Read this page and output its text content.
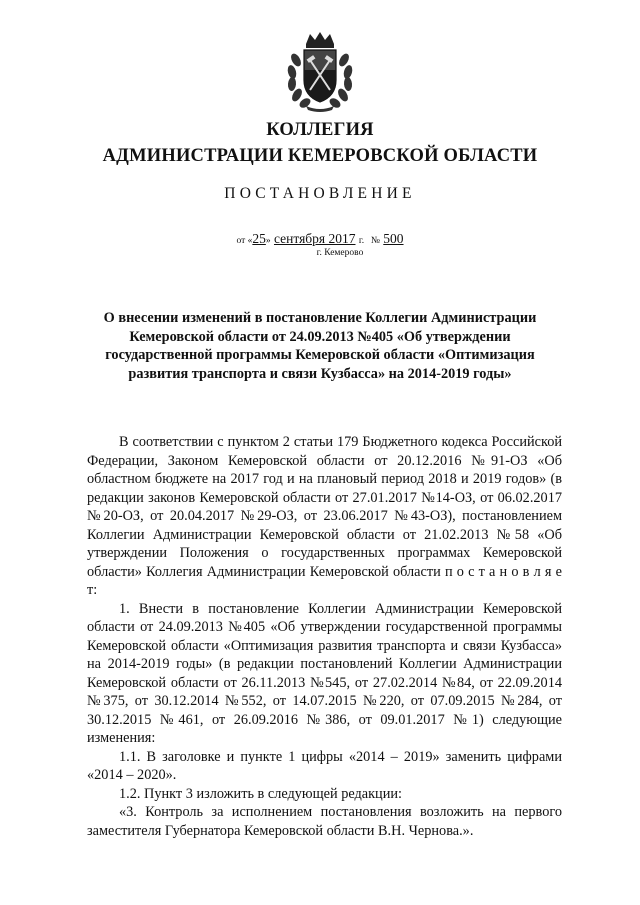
КОЛЛЕГИЯ
АДМИНИСТРАЦИИ КЕМЕРОВСКОЙ ОБЛАСТИ
ПОСТАНОВЛЕНИЕ
от «25» сентября 2017 г. № 500
г. Кемерово
О внесении изменений в постановление Коллегии Администрации Кемеровской области от 24.09.2013 №405 «Об утверждении государственной программы Кемеровской области «Оптимизация развития транспорта и связи Кузбасса» на 2014-2019 годы»

В соответствии с пунктом 2 статьи 179 Бюджетного кодекса Российской Федерации, Законом Кемеровской области от 20.12.2016 №91-ОЗ «Об областном бюджете на 2017 год и на плановый период 2018 и 2019 годов» (в редакции законов Кемеровской области от 27.01.2017 №14-ОЗ, от 06.02.2017 №20-ОЗ, от 20.04.2017 №29-ОЗ, от 23.06.2017 №43-ОЗ), постановлением Коллегии Администрации Кемеровской области от 21.02.2013 №58 «Об утверждении Положения о государственных программах Кемеровской области» Коллегия Администрации Кемеровской области п о с т а н о в л я е т:

1. Внести в постановление Коллегии Администрации Кемеровской области от 24.09.2013 №405 «Об утверждении государственной программы Кемеровской области «Оптимизация развития транспорта и связи Кузбасса» на 2014-2019 годы» (в редакции постановлений Коллегии Администрации Кемеровской области от 26.11.2013 №545, от 27.02.2014 №84, от 22.09.2014 №375, от 30.12.2014 №552, от 14.07.2015 №220, от 07.09.2015 №284, от 30.12.2015 №461, от 26.09.2016 №386, от 09.01.2017 №1) следующие изменения:

1.1. В заголовке и пункте 1 цифры «2014 – 2019» заменить цифрами «2014 – 2020».

1.2. Пункт 3 изложить в следующей редакции:

«3. Контроль за исполнением постановления возложить на первого заместителя Губернатора Кемеровской области В.Н. Чернова.».
